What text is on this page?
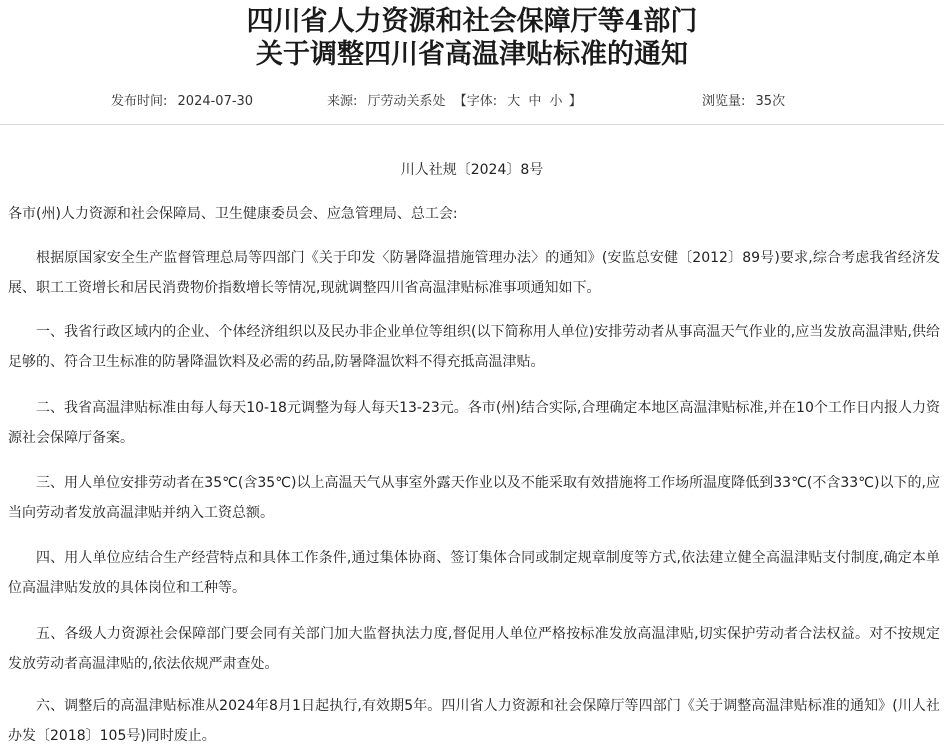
四川省人力资源和社会保障厅等4部门
关于调整四川省高温津贴标准的通知
发布时间: 2024-07-30	来源: 厅劳动关系处 【字体: 大 中 小 】	浏览量: 35次
川人社规〔2024〕8号
各市(州)人力资源和社会保障局、卫生健康委员会、应急管理局、总工会:
根据原国家安全生产监督管理总局等四部门《关于印发〈防暑降温措施管理办法〉的通知》(安监总安健〔2012〕89号)要求,综合考虑我省经济发展、职工工资增长和居民消费物价指数增长等情况,现就调整四川省高温津贴标准事项通知如下。
一、我省行政区域内的企业、个体经济组织以及民办非企业单位等组织(以下简称用人单位)安排劳动者从事高温天气作业的,应当发放高温津贴,供给足够的、符合卫生标准的防暑降温饮料及必需的药品,防暑降温饮料不得充抵高温津贴。
二、我省高温津贴标准由每人每天10-18元调整为每人每天13-23元。各市(州)结合实际,合理确定本地区高温津贴标准,并在10个工作日内报人力资源社会保障厅备案。
三、用人单位安排劳动者在35℃(含35℃)以上高温天气从事室外露天作业以及不能采取有效措施将工作场所温度降低到33℃(不含33℃)以下的,应当向劳动者发放高温津贴并纳入工资总额。
四、用人单位应结合生产经营特点和具体工作条件,通过集体协商、签订集体合同或制定规章制度等方式,依法建立健全高温津贴支付制度,确定本单位高温津贴发放的具体岗位和工种等。
五、各级人力资源社会保障部门要会同有关部门加大监督执法力度,督促用人单位严格按标准发放高温津贴,切实保护劳动者合法权益。对不按规定发放劳动者高温津贴的,依法依规严肃查处。
六、调整后的高温津贴标准从2024年8月1日起执行,有效期5年。四川省人力资源和社会保障厅等四部门《关于调整高温津贴标准的通知》(川人社办发〔2018〕105号)同时废止。
